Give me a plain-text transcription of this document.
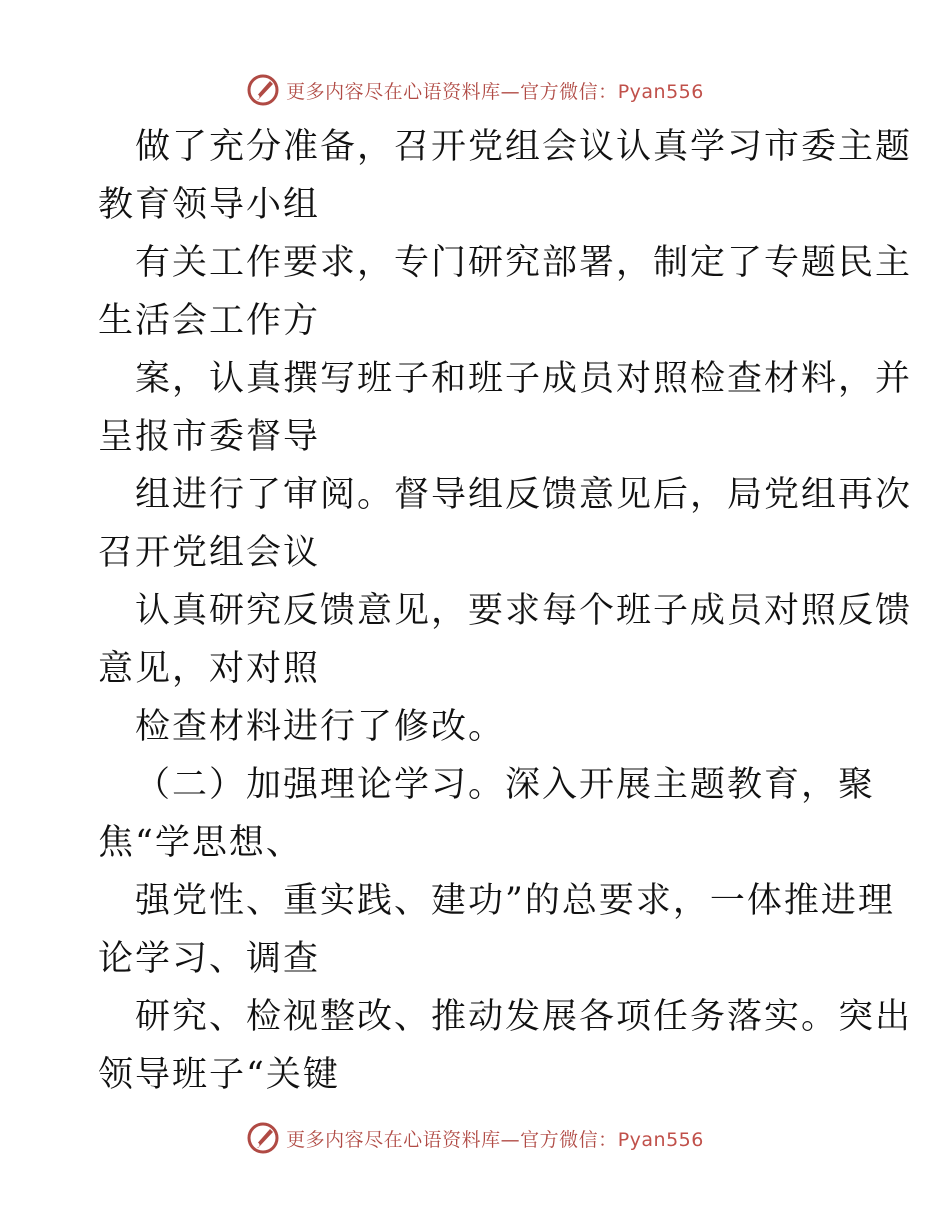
更多内容尽在心语资料库—官方微信：Pyan556
做了充分准备，召开党组会议认真学习市委主题
教育领导小组
有关工作要求，专门研究部署，制定了专题民主
生活会工作方
案，认真撰写班子和班子成员对照检查材料，并
呈报市委督导
组进行了审阅。督导组反馈意见后，局党组再次
召开党组会议
认真研究反馈意见，要求每个班子成员对照反馈
意见，对对照
检查材料进行了修改。
（二）加强理论学习。深入开展主题教育，聚
焦“学思想、
强党性、重实践、建功”的总要求，一体推进理
论学习、调查
研究、检视整改、推动发展各项任务落实。突出
领导班子“关键
更多内容尽在心语资料库—官方微信：Pyan556
